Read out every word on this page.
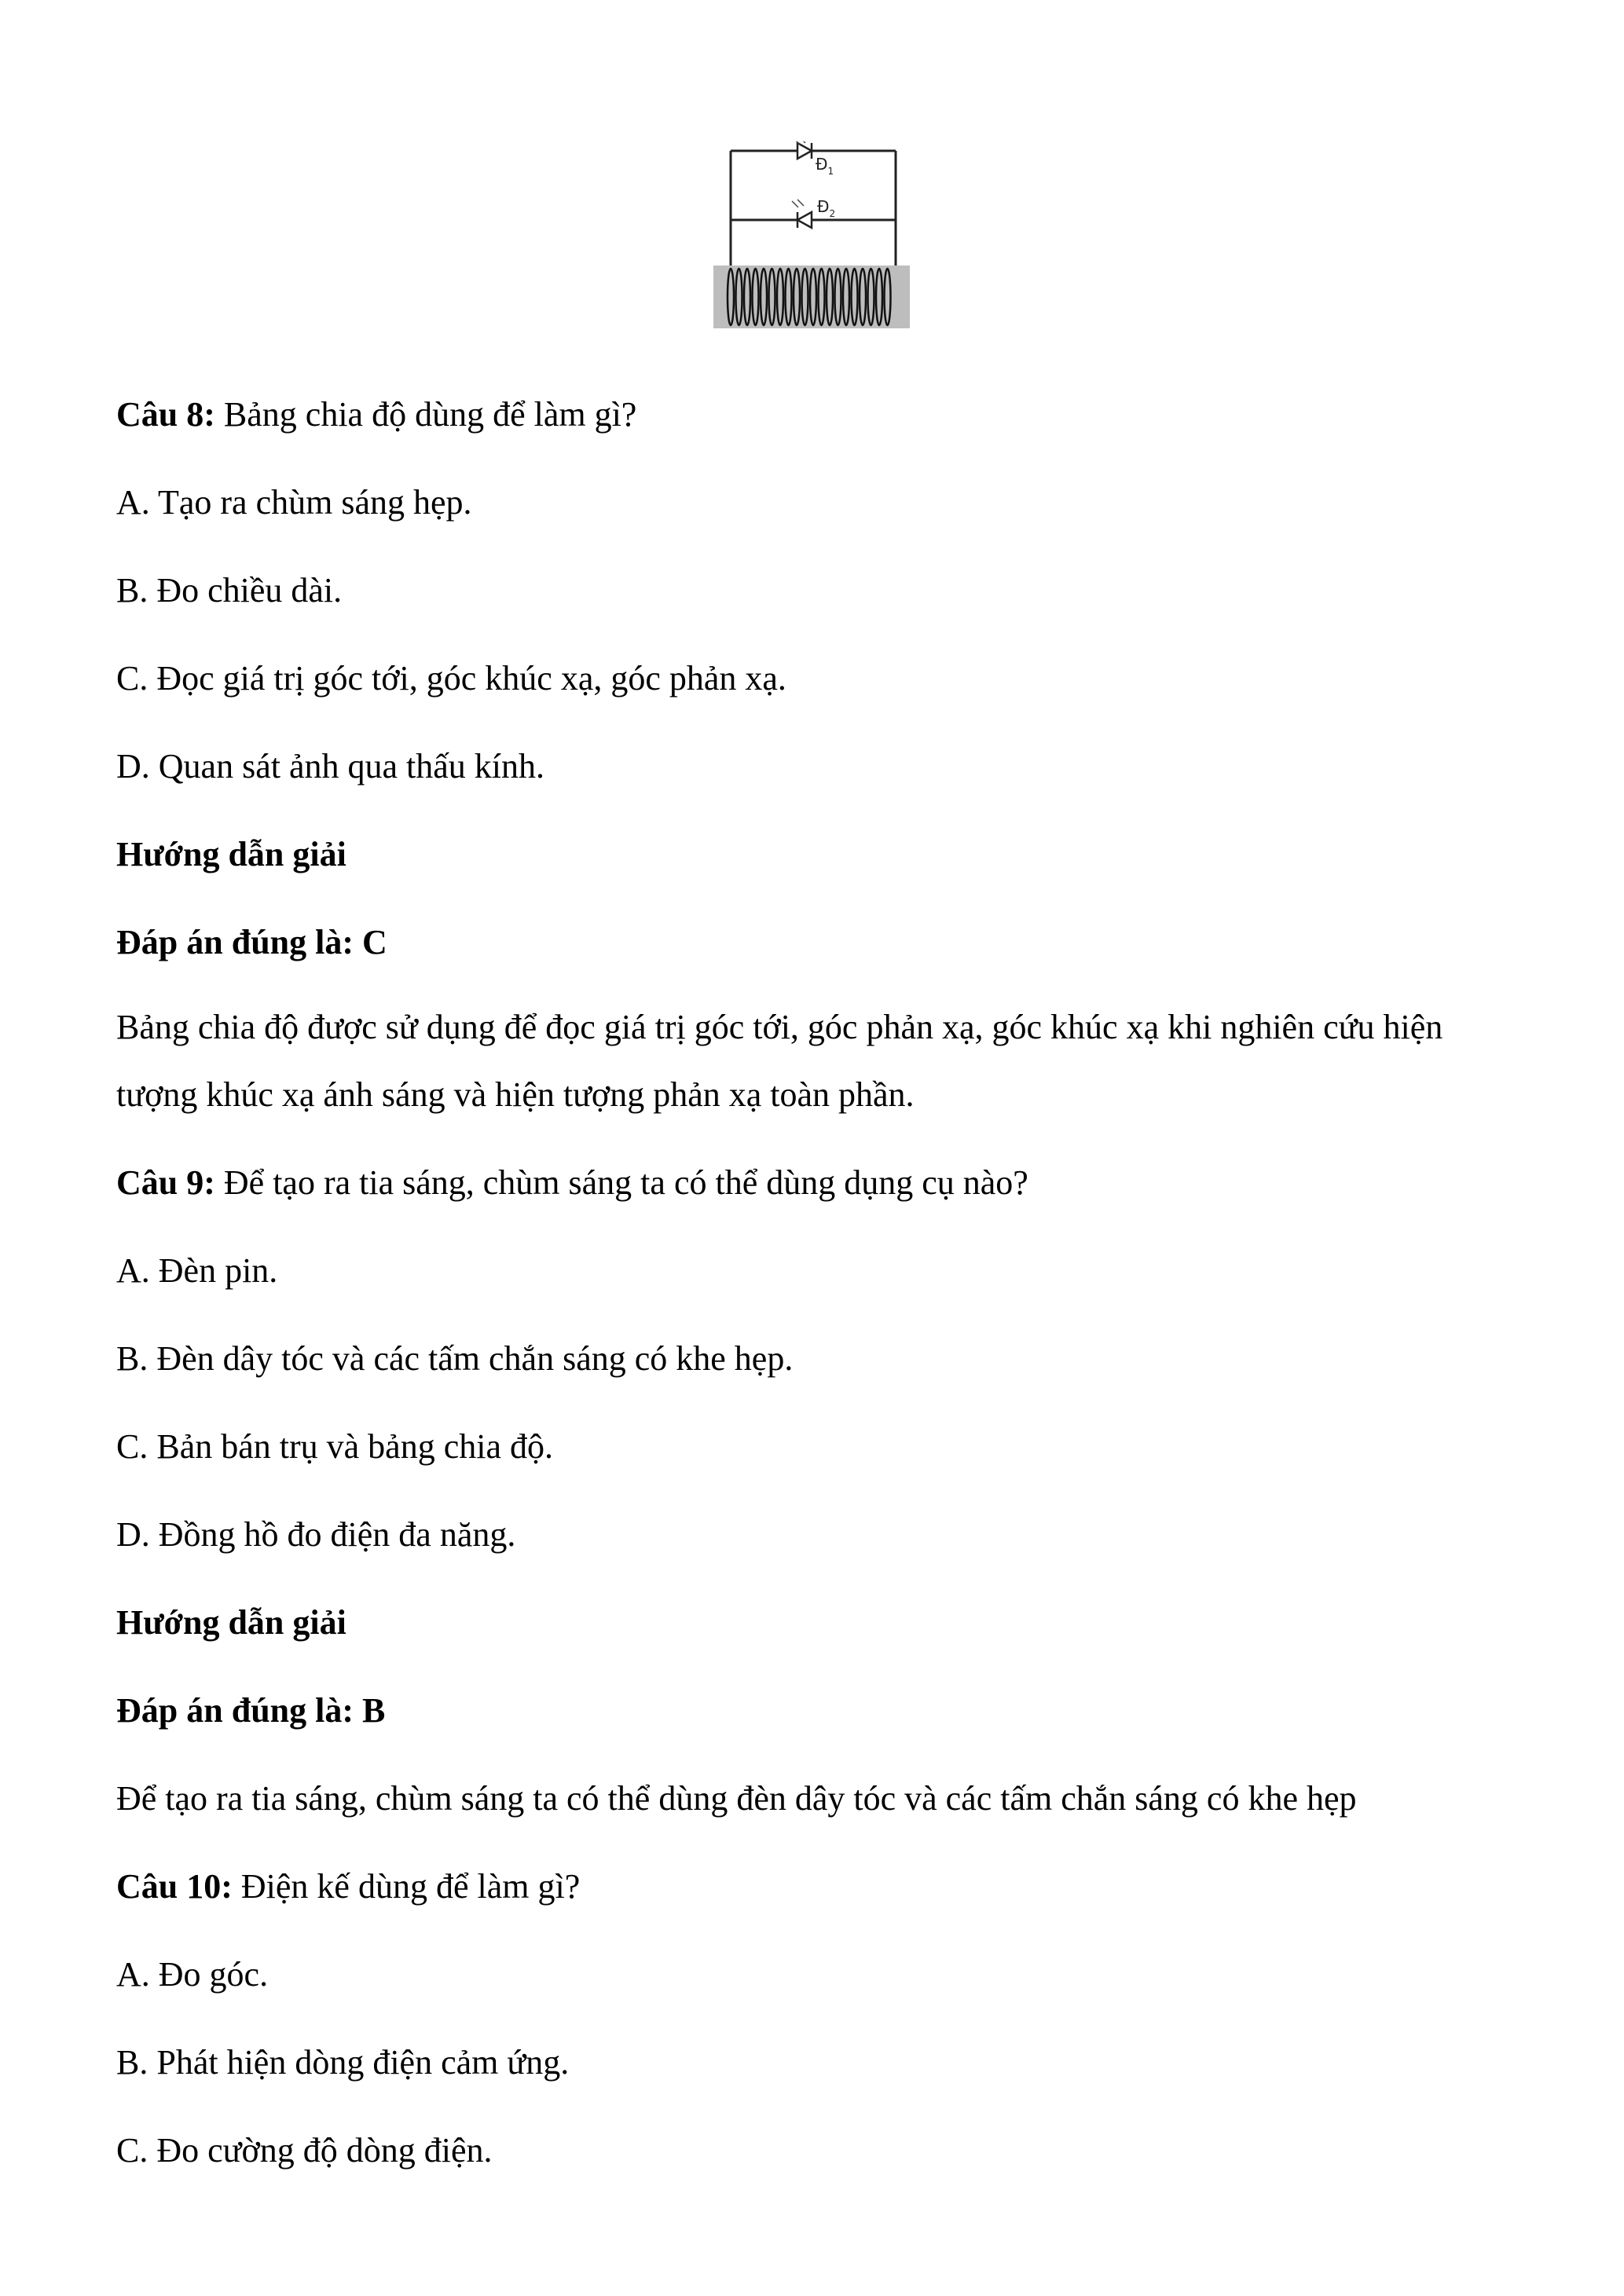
$Đ_1$
$Đ_2$
Câu 8: Bảng chia độ dùng để làm gì?
A. Tạo ra chùm sáng hẹp.
B. Đo chiều dài.
C. Đọc giá trị góc tới, góc khúc xạ, góc phản xạ.
D. Quan sát ảnh qua thấu kính.
Hướng dẫn giải
Đáp án đúng là: C
Bảng chia độ được sử dụng để đọc giá trị góc tới, góc phản xạ, góc khúc xạ khi nghiên cứu hiện tượng khúc xạ ánh sáng và hiện tượng phản xạ toàn phần.
Câu 9: Để tạo ra tia sáng, chùm sáng ta có thể dùng dụng cụ nào?
A. Đèn pin.
B. Đèn dây tóc và các tấm chắn sáng có khe hẹp.
C. Bản bán trụ và bảng chia độ.
D. Đồng hồ đo điện đa năng.
Hướng dẫn giải
Đáp án đúng là: B
Để tạo ra tia sáng, chùm sáng ta có thể dùng đèn dây tóc và các tấm chắn sáng có khe hẹp
Câu 10: Điện kế dùng để làm gì?
A. Đo góc.
B. Phát hiện dòng điện cảm ứng.
C. Đo cường độ dòng điện.
